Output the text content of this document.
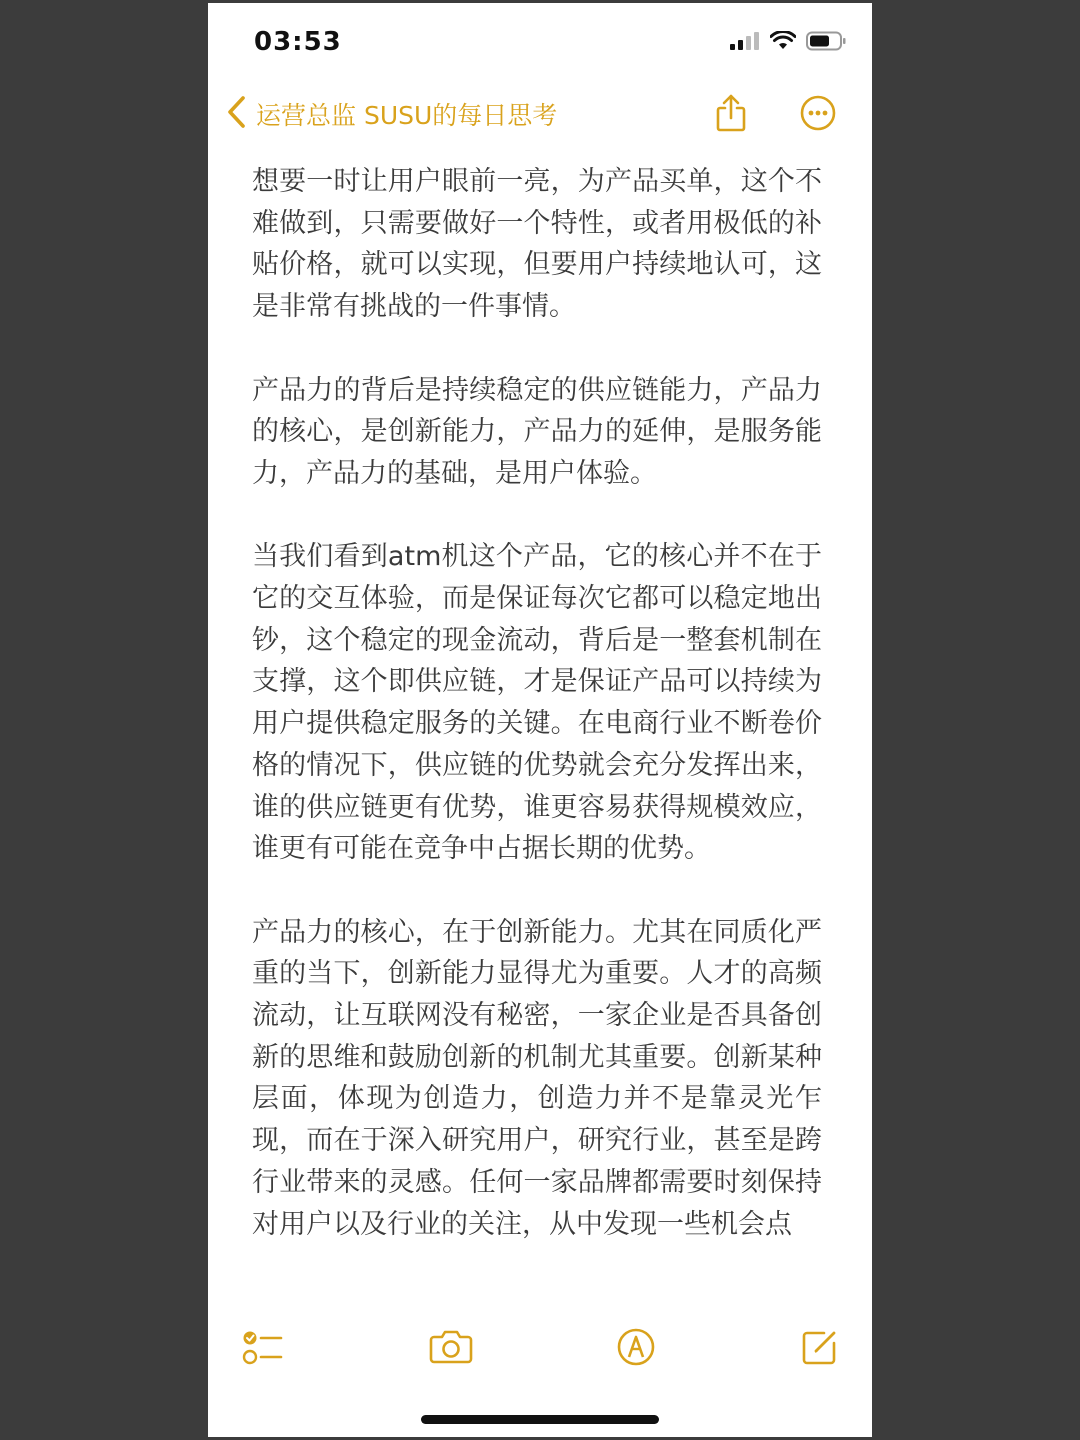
03:53
运营总监 SUSU的每日思考

想要一时让用户眼前一亮，为产品买单，这个不难做到，只需要做好一个特性，或者用极低的补贴价格，就可以实现，但要用户持续地认可，这是非常有挑战的一件事情。

产品力的背后是持续稳定的供应链能力，产品力的核心，是创新能力，产品力的延伸，是服务能力，产品力的基础，是用户体验。

当我们看到atm机这个产品，它的核心并不在于它的交互体验，而是保证每次它都可以稳定地出钞，这个稳定的现金流动，背后是一整套机制在支撑，这个即供应链，才是保证产品可以持续为用户提供稳定服务的关键。在电商行业不断卷价格的情况下，供应链的优势就会充分发挥出来，谁的供应链更有优势，谁更容易获得规模效应，谁更有可能在竞争中占据长期的优势。

产品力的核心，在于创新能力。尤其在同质化严重的当下，创新能力显得尤为重要。人才的高频流动，让互联网没有秘密，一家企业是否具备创新的思维和鼓励创新的机制尤其重要。创新某种层面，体现为创造力，创造力并不是靠灵光乍现，而在于深入研究用户，研究行业，甚至是跨行业带来的灵感。任何一家品牌都需要时刻保持对用户以及行业的关注，从中发现一些机会点
